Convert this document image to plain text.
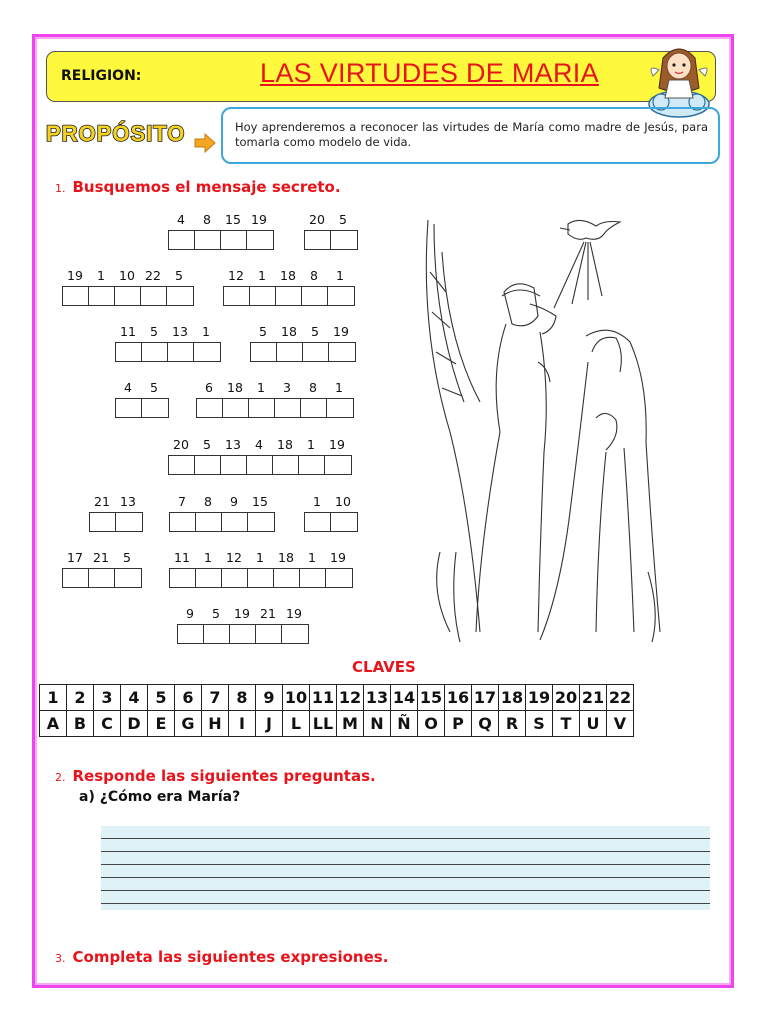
RELIGION:	LAS VIRTUDES DE MARIA
PROPÓSITO	Hoy aprenderemos a reconocer las virtudes de María como madre de Jesús, para tomarla como modelo de vida.
1. Busquemos el mensaje secreto.
4	8	15 19	20	5
19	1	10 22	5	12	1	18	8	1
11	5	13	1	5	18	5	19
4	5	6	18	1	3	8	1
20	5	13	4	18	1	19
21 13	7	8	9	15	1	10
17 21	5	11	1	12	1	18	1	19
9	5	19 21 19
CLAVES
1	2	3	4	5	6	7	8	9	10	11	12	13	14	15	16	17	18	19	20	21	22
A	B	C	D	E	G	H	I	J	L	LL	M	N	Ñ	O	P	Q	R	S	T	U	V
2. Responde las siguientes preguntas.
a) ¿Cómo era María?
3. Completa las siguientes expresiones.
